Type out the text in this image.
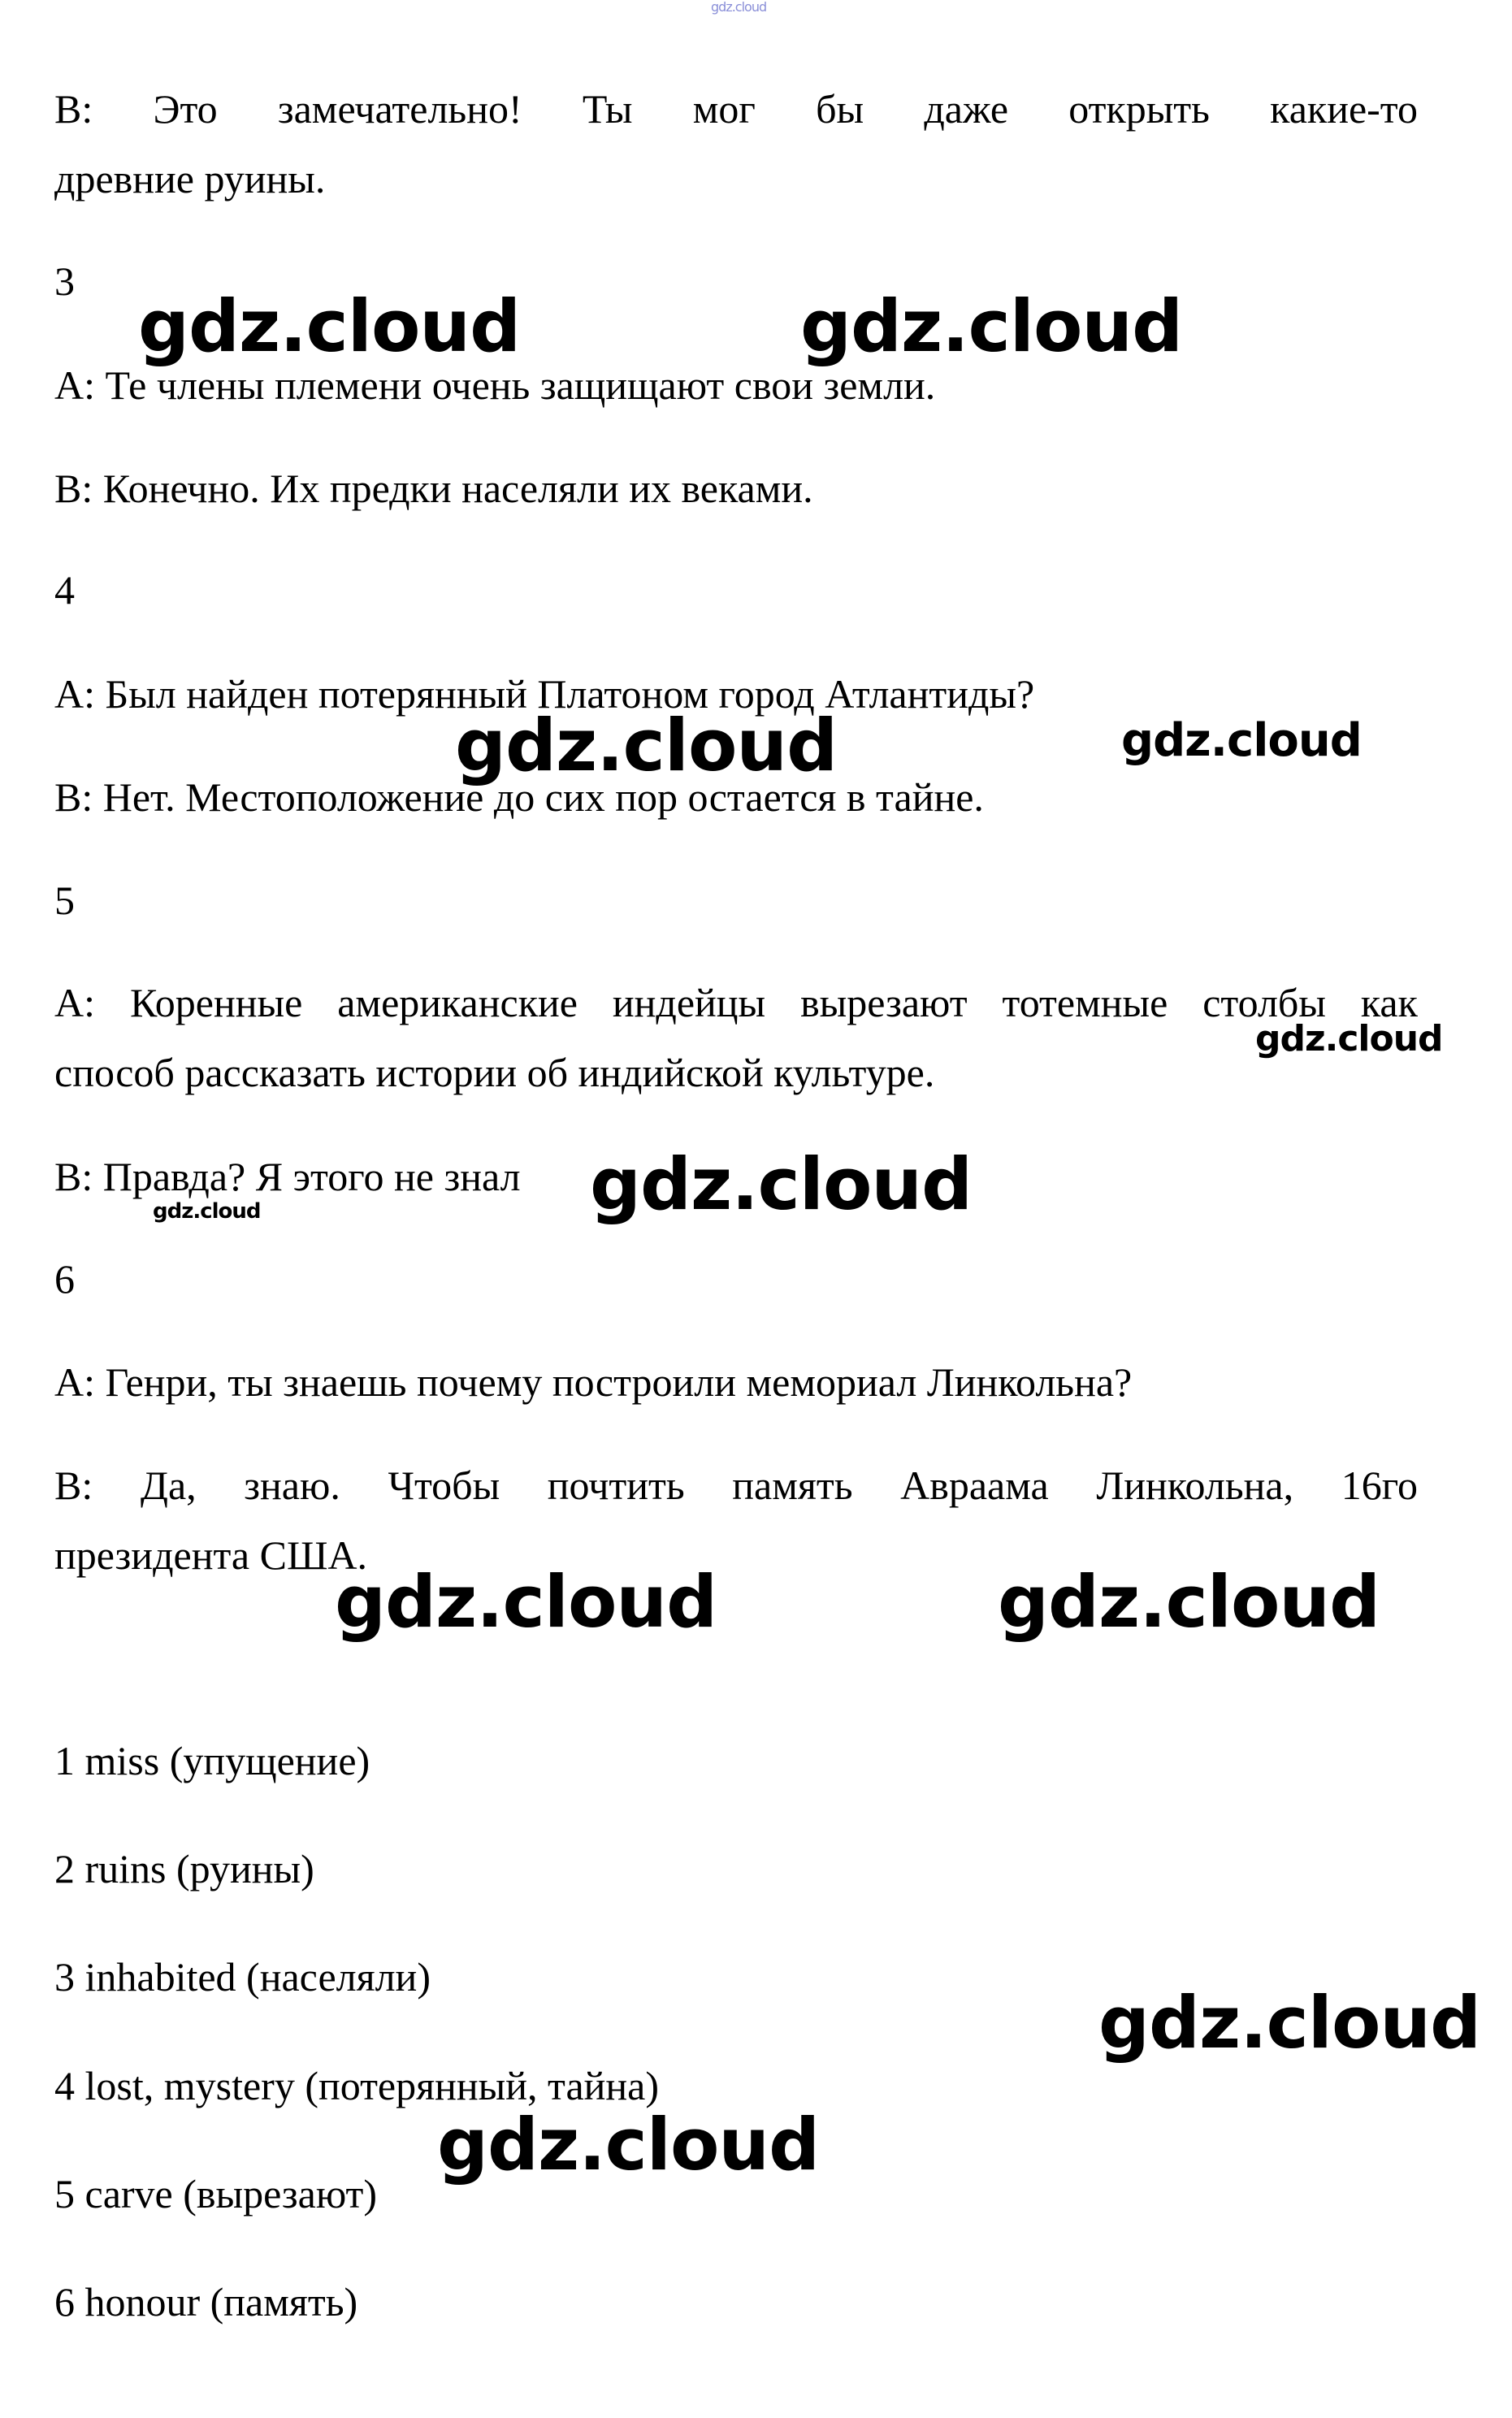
gdz.cloud
B: Это замечательно! Ты мог бы даже открыть какие-то
древние руины.
3
A: Те члены племени очень защищают свои земли.
B: Конечно. Их предки населяли их веками.
4
A: Был найден потерянный Платоном город Атлантиды?
B: Нет. Местоположение до сих пор остается в тайне.
5
A: Коренные американские индейцы вырезают тотемные столбы как
способ рассказать истории об индийской культуре.
B: Правда? Я этого не знал
6
A: Генри, ты знаешь почему построили мемориал Линкольна?
B: Да, знаю. Чтобы почтить память Авраама Линкольна, 16го
президента США.
1 miss (упущение)
2 ruins (руины)
3 inhabited (населяли)
4 lost, mystery (потерянный, тайна)
5 carve (вырезают)
6 honour (память)
gdz.cloud	gdz.cloud
gdz.cloud	gdz.cloud
gdz.cloud
gdz.cloud
gdz.cloud
gdz.cloud	gdz.cloud
gdz.cloud
gdz.cloud
